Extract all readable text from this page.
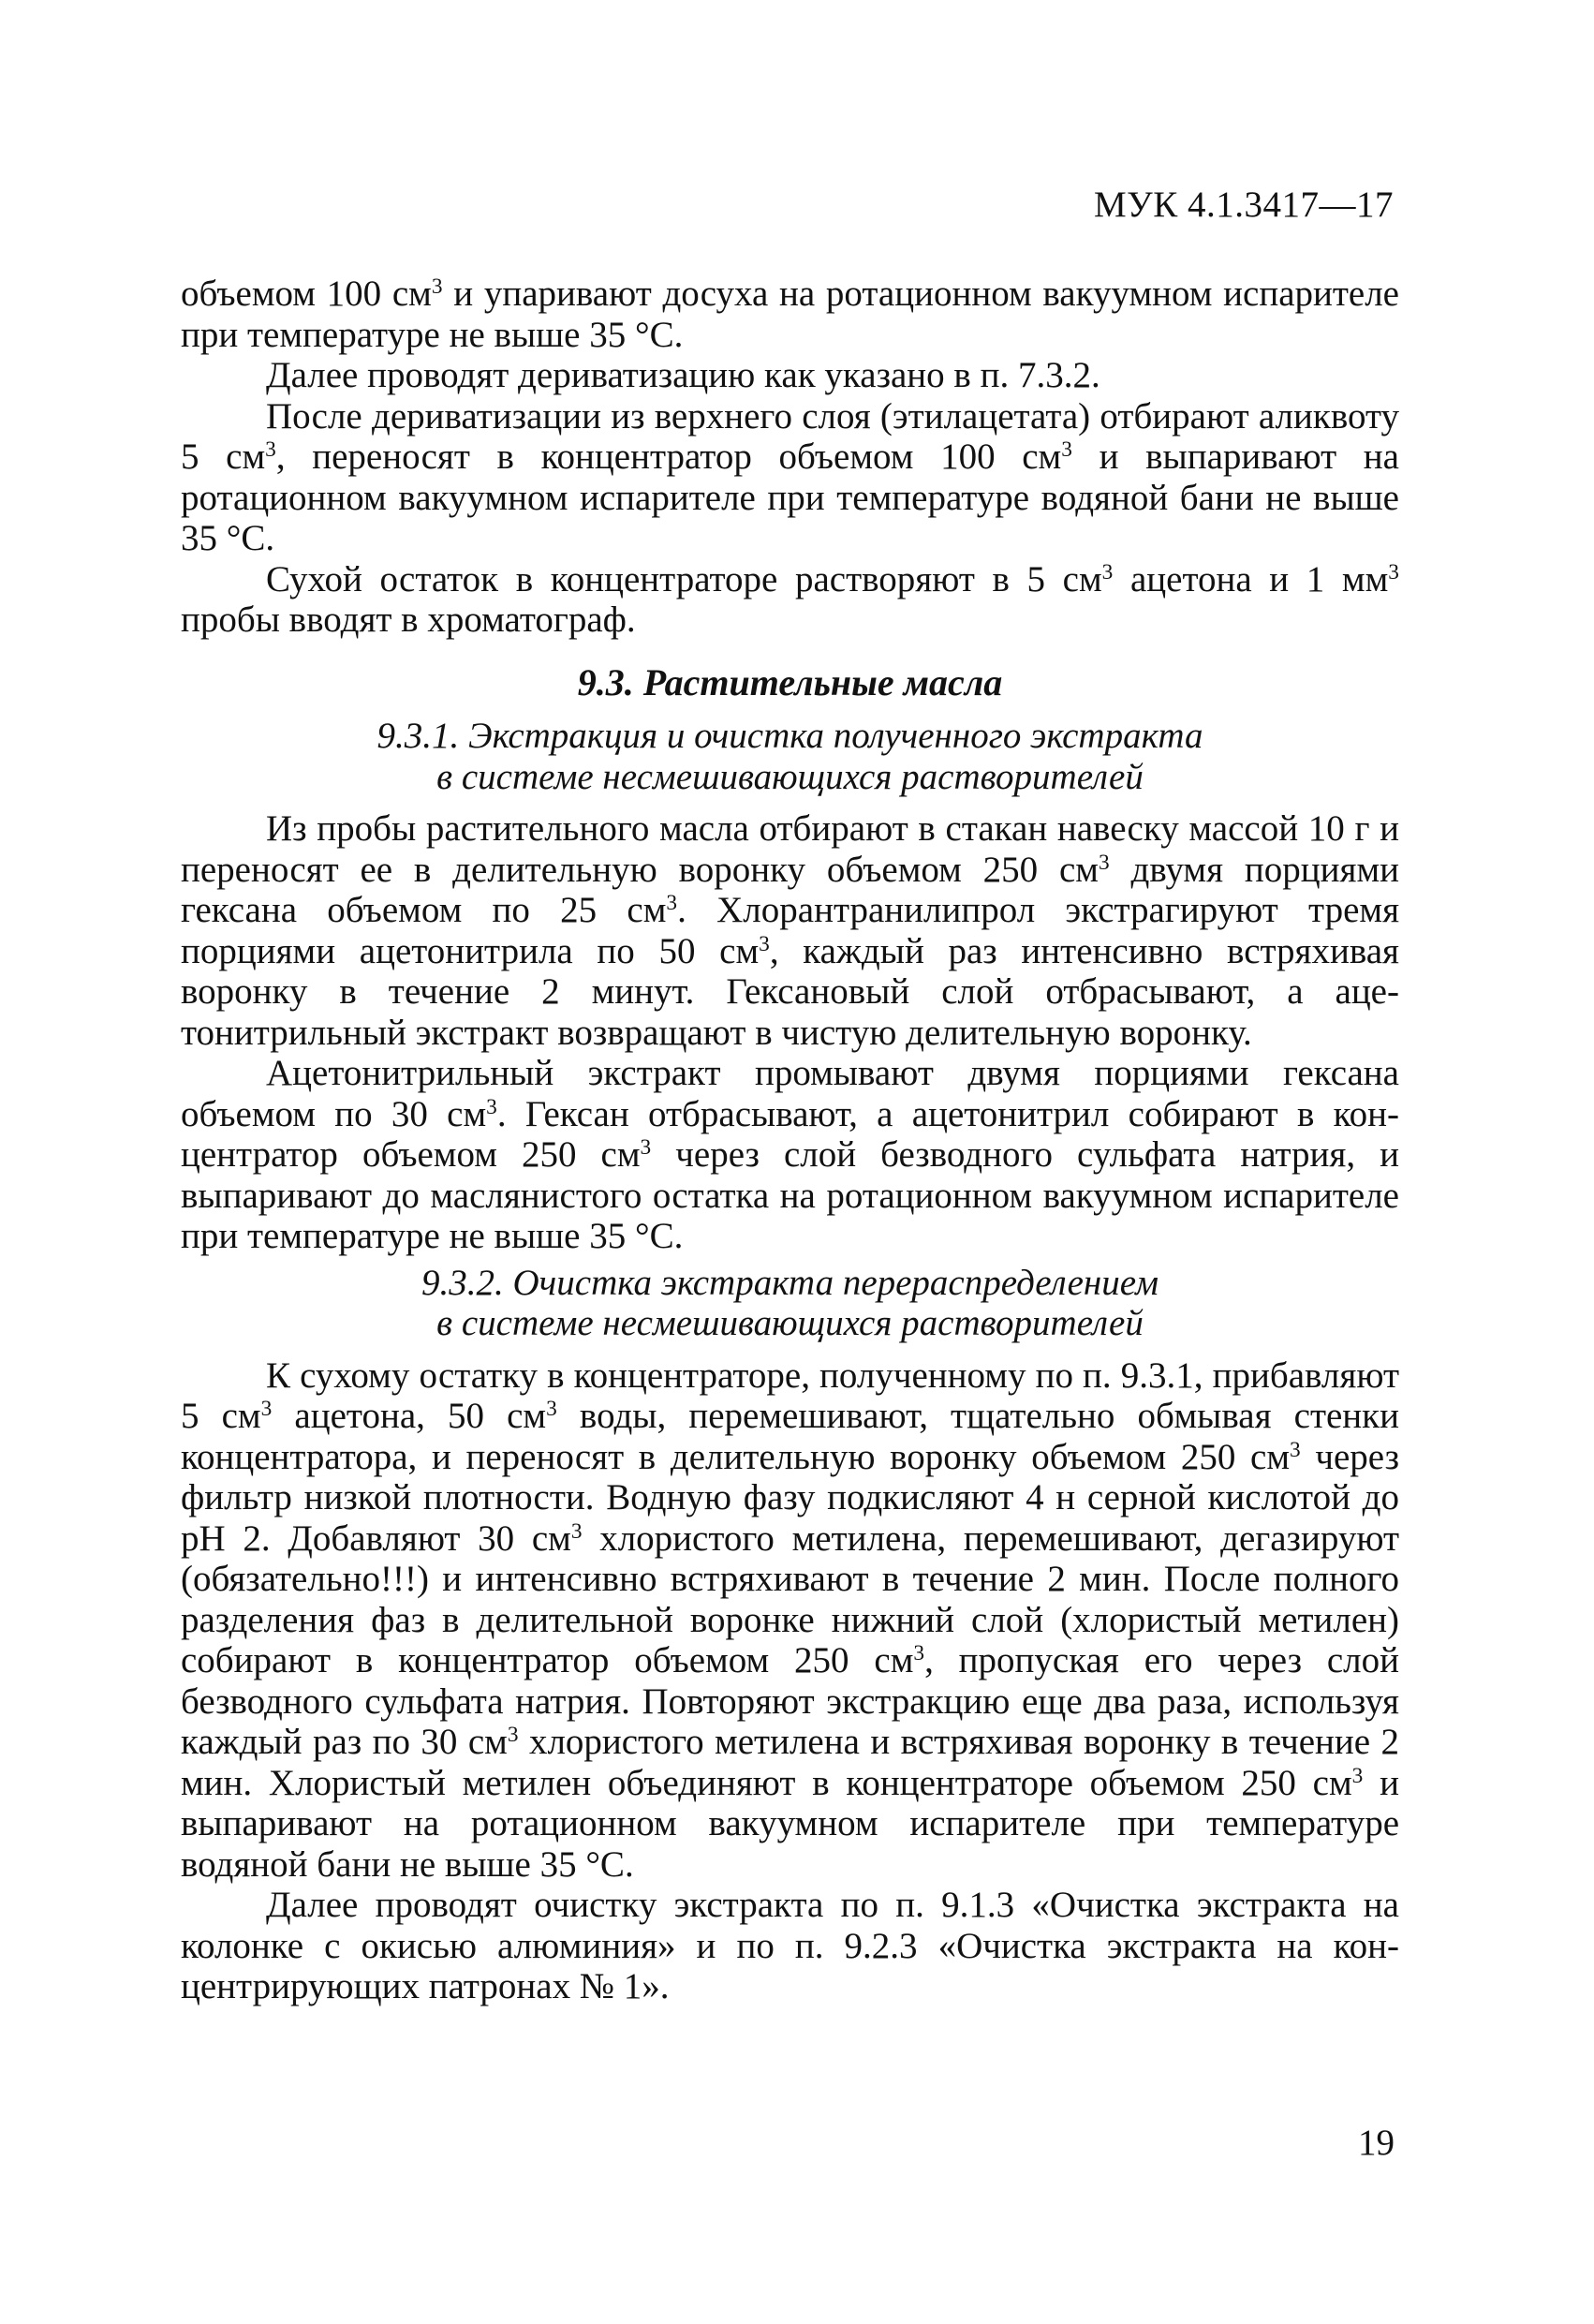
МУК 4.1.3417—17

объемом 100 $см^3$ и упаривают досуха на ротационном вакуумном испарителе при температуре не выше 35 °С.

Далее проводят дериватизацию как указано в п. 7.3.2.

После дериватизации из верхнего слоя (этилацетата) отбирают аликвоту 5 $см^3$, переносят в концентратор объемом 100 $см^3$ и выпаривают на ротационном вакуумном испарителе при температуре водяной бани не выше 35 °С.

Сухой остаток в концентраторе растворяют в 5 $см^3$ ацетона и 1 $мм^3$ пробы вводят в хроматограф.

9.3. Растительные масла
9.3.1. Экстракция и очистка полученного экстракта
в системе несмешивающихся растворителей

Из пробы растительного масла отбирают в стакан навеску массой 10 г и переносят ее в делительную воронку объемом 250 $см^3$ двумя порциями гексана объемом по 25 $см^3$. Хлорантранилипрол экстрагируют тремя порциями ацетонитрила по 50 $см^3$, каждый раз интенсивно встряхивая воронку в течение 2 минут. Гексановый слой отбрасывают, а ацетонитрильный экстракт возвращают в чистую делительную воронку.

Ацетонитрильный экстракт промывают двумя порциями гексана объемом по 30 $см^3$. Гексан отбрасывают, а ацетонитрил собирают в концентратор объемом 250 $см^3$ через слой безводного сульфата натрия, и выпаривают до маслянистого остатка на ротационном вакуумном испарителе при температуре не выше 35 °С.

9.3.2. Очистка экстракта перераспределением
в системе несмешивающихся растворителей

К сухому остатку в концентраторе, полученному по п. 9.3.1, прибавляют 5 $см^3$ ацетона, 50 $см^3$ воды, перемешивают, тщательно обмывая стенки концентратора, и переносят в делительную воронку объемом 250 $см^3$ через фильтр низкой плотности. Водную фазу подкисляют 4 н серной кислотой до рН 2. Добавляют 30 $см^3$ хлористого метилена, перемешивают, дегазируют (обязательно!!!) и интенсивно встряхивают в течение 2 мин. После полного разделения фаз в делительной воронке нижний слой (хлористый метилен) собирают в концентратор объемом 250 $см^3$, пропуская его через слой безводного сульфата натрия. Повторяют экстракцию еще два раза, используя каждый раз по 30 $см^3$ хлористого метилена и встряхивая воронку в течение 2 мин. Хлористый метилен объединяют в концентраторе объемом 250 $см^3$ и выпаривают на ротационном вакуумном испарителе при температуре водяной бани не выше 35 °С.

Далее проводят очистку экстракта по п. 9.1.3 «Очистка экстракта на колонке с окисью алюминия» и по п. 9.2.3 «Очистка экстракта на концентрирующих патронах № 1».

19
